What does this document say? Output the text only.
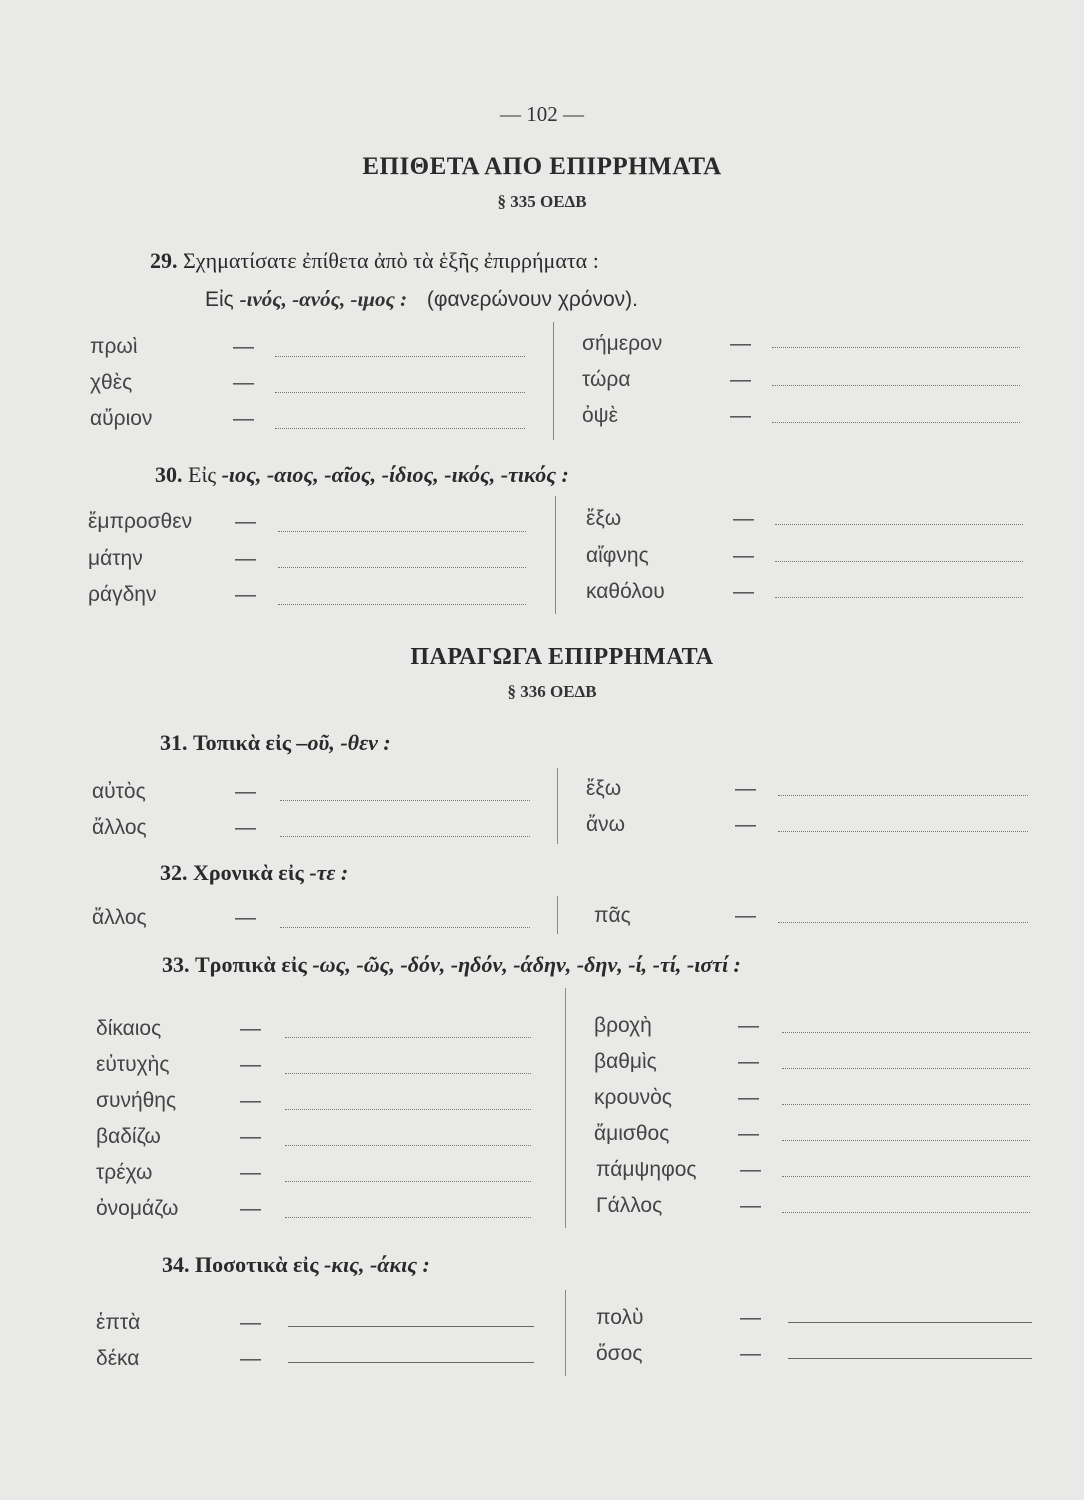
— 102 —
ΕΠΙΘΕΤΑ ΑΠΟ ΕΠΙΡΡΗΜΑΤΑ
§ 335 ΟΕΔΒ
29. Σχηματίσατε ἐπίθετα ἀπὸ τὰ ἑξῆς ἐπιρρήματα :
Εἰς -ινός, -ανός, -ιμος : (φανερώνουν χρόνον).
πρωὶ	—	σήμερον	—
χθὲς	—	τώρα	—
αὔριον	—	ὀψὲ	—
30. Εἰς -ιος, -αιος, -αῖος, -ίδιος, -ικός, -τικός :
ἔμπροσθεν —	ἔξω	—
μάτην	—	αἴφνης	—
ράγδην	—	καθόλου	—
ΠΑΡΑΓΩΓΑ ΕΠΙΡΡΗΜΑΤΑ
§ 336 ΟΕΔΒ
31. Τοπικὰ εἰς –οῦ, -θεν :
αὐτὸς	—	ἔξω	—
ἄλλος	—	ἄνω	—
32. Χρονικὰ εἰς -τε :
ἄλλος	—	πᾶς	—
33. Τροπικὰ εἰς -ως, -ῶς, -δόν, -ηδόν, -άδην, -δην, -ί, -τί, -ιστί :
δίκαιος	—	βροχὴ	—
εὐτυχὴς	—	βαθμὶς	—
συνήθης	—	κρουνὸς	—
βαδίζω	—	ἄμισθος	—
τρέχω	—	πάμψηφος —
ὀνομάζω	—	Γάλλος	—
34. Ποσοτικὰ εἰς -κις, -άκις :
ἑπτὰ	—	πολὺ	—
δέκα	—	ὅσος	—
